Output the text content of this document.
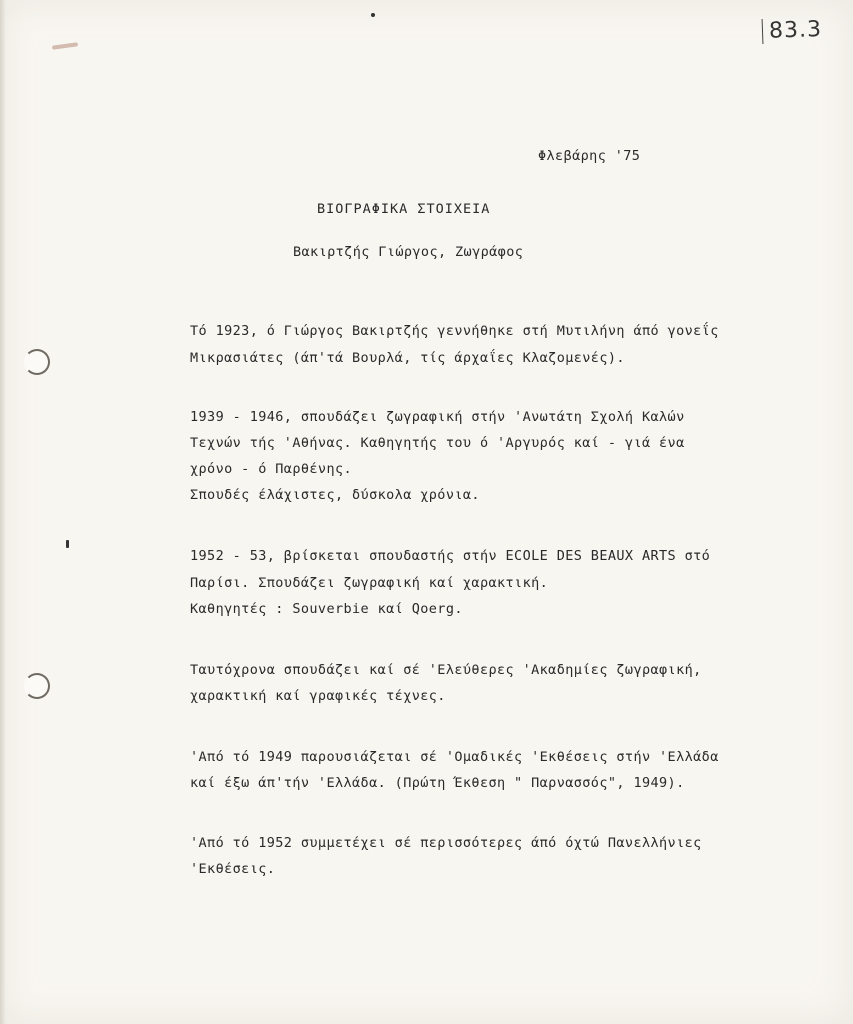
83.3
Φλεβάρης '75
ΒΙΟΓΡΑΦΙΚΑ ΣΤΟΙΧΕΙΑ
Βακιρτζής Γιώργος, Ζωγράφος
Τό 1923, ό Γιώργος Βακιρτζής γεννήθηκε στή Μυτιλήνη άπό γονεΐς
Μικρασιάτες (άπ'τά Βουρλά, τίς άρχαΐες Κλαζομενές).
1939 - 1946, σπουδάζει ζωγραφική στήν 'Ανωτάτη Σχολή Καλών
Τεχνών τής 'Αθήνας. Καθηγητής του ό 'Αργυρός καί - γιά ένα
χρόνο - ό Παρθένης.
Σπουδές έλάχιστες, δύσκολα χρόνια.
1952 - 53, βρίσκεται σπουδαστής στήν ECOLE DES BEAUX ARTS στό
Παρίσι. Σπουδάζει ζωγραφική καί χαρακτική.
Καθηγητές : Souverbie καί Qoerg.
Ταυτόχρονα σπουδάζει καί σέ 'Ελεύθερες 'Ακαδημίες ζωγραφική,
χαρακτική καί γραφικές τέχνες.
'Από τό 1949 παρουσιάζεται σέ 'Ομαδικές 'Εκθέσεις στήν 'Ελλάδα
καί έξω άπ'τήν 'Ελλάδα. (Πρώτη Έκθεση " Παρνασσός", 1949).
'Από τό 1952 συμμετέχει σέ περισσότερες άπό όχτώ Πανελλήνιες
'Εκθέσεις.
